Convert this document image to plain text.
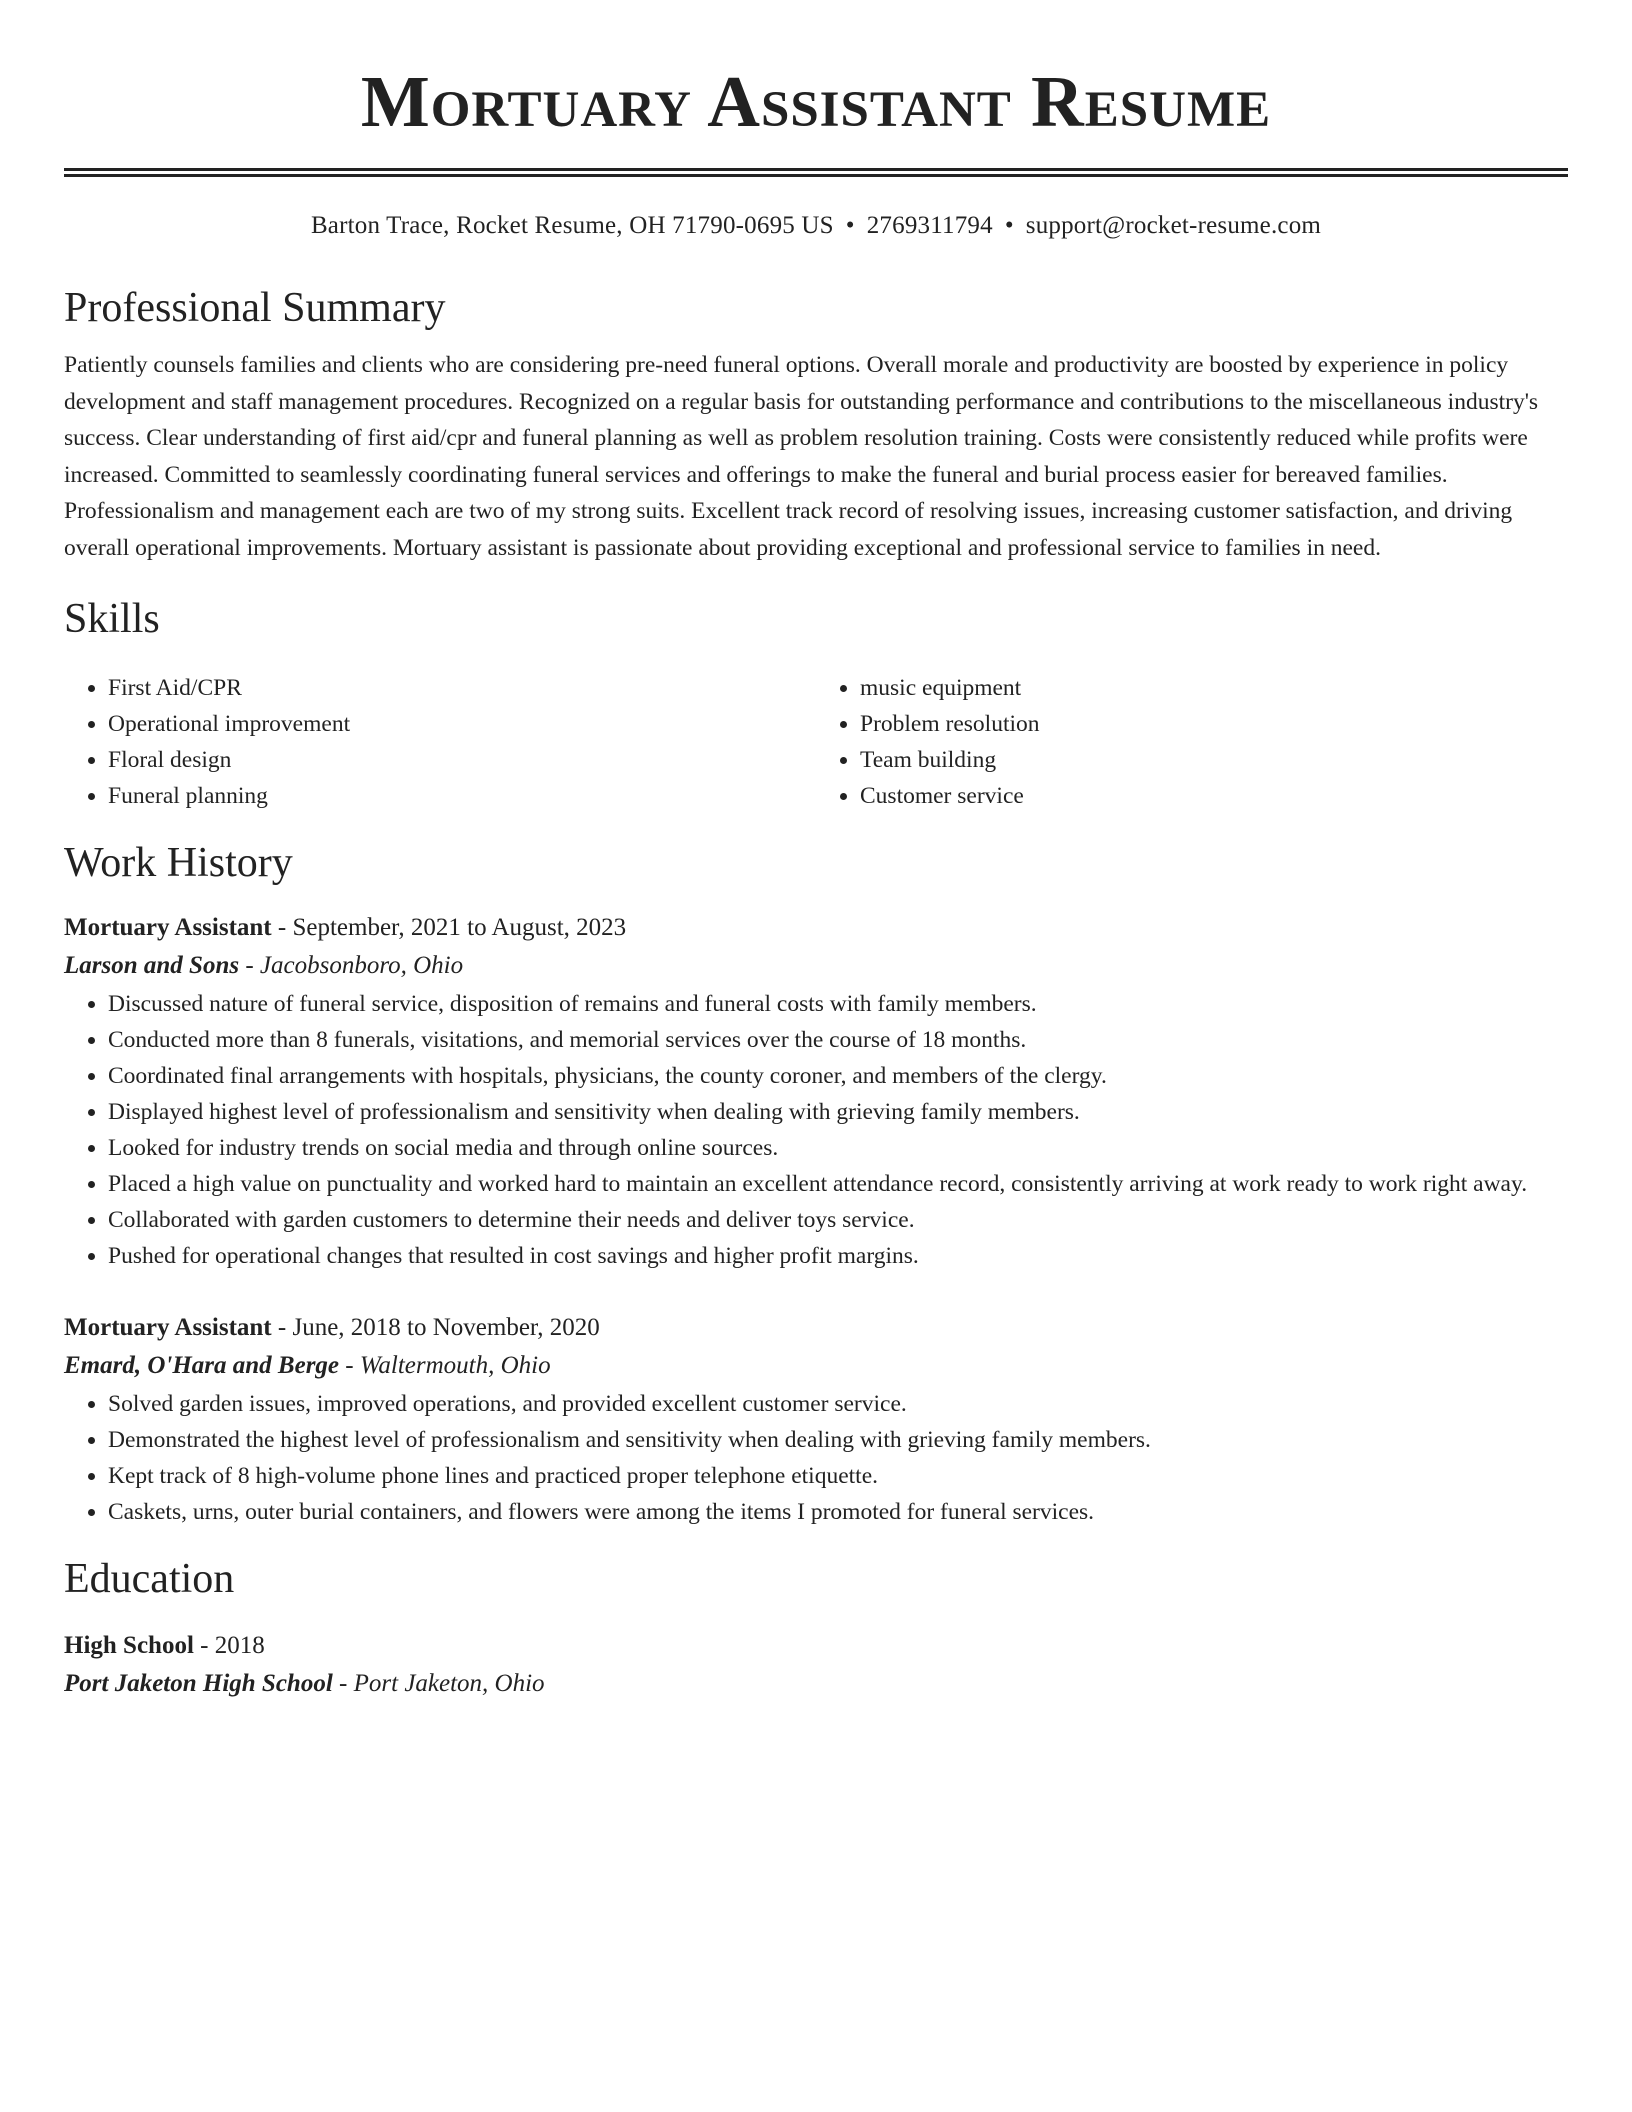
Mortuary Assistant Resume
Barton Trace, Rocket Resume, OH 71790-0695 US • 2769311794 • support@rocket-resume.com
Professional Summary

Patiently counsels families and clients who are considering pre-need funeral options. Overall morale and productivity are boosted by experience in policy development and staff management procedures. Recognized on a regular basis for outstanding performance and contributions to the miscellaneous industry's success. Clear understanding of first aid/cpr and funeral planning as well as problem resolution training. Costs were consistently reduced while profits were increased. Committed to seamlessly coordinating funeral services and offerings to make the funeral and burial process easier for bereaved families. Professionalism and management each are two of my strong suits. Excellent track record of resolving issues, increasing customer satisfaction, and driving overall operational improvements. Mortuary assistant is passionate about providing exceptional and professional service to families in need.

Skills
• First Aid/CPR
• Operational improvement
• Floral design
• Funeral planning
• music equipment
• Problem resolution
• Team building
• Customer service
Work History
Mortuary Assistant - September, 2021 to August, 2023
Larson and Sons - Jacobsonboro, Ohio
• Discussed nature of funeral service, disposition of remains and funeral costs with family members.
• Conducted more than 8 funerals, visitations, and memorial services over the course of 18 months.
• Coordinated final arrangements with hospitals, physicians, the county coroner, and members of the clergy.
• Displayed highest level of professionalism and sensitivity when dealing with grieving family members.
• Looked for industry trends on social media and through online sources.
• Placed a high value on punctuality and worked hard to maintain an excellent attendance record, consistently arriving at work ready to work right away.
• Collaborated with garden customers to determine their needs and deliver toys service.
• Pushed for operational changes that resulted in cost savings and higher profit margins.
Mortuary Assistant - June, 2018 to November, 2020
Emard, O'Hara and Berge - Waltermouth, Ohio
• Solved garden issues, improved operations, and provided excellent customer service.
• Demonstrated the highest level of professionalism and sensitivity when dealing with grieving family members.
• Kept track of 8 high-volume phone lines and practiced proper telephone etiquette.
• Caskets, urns, outer burial containers, and flowers were among the items I promoted for funeral services.
Education
High School - 2018
Port Jaketon High School - Port Jaketon, Ohio
